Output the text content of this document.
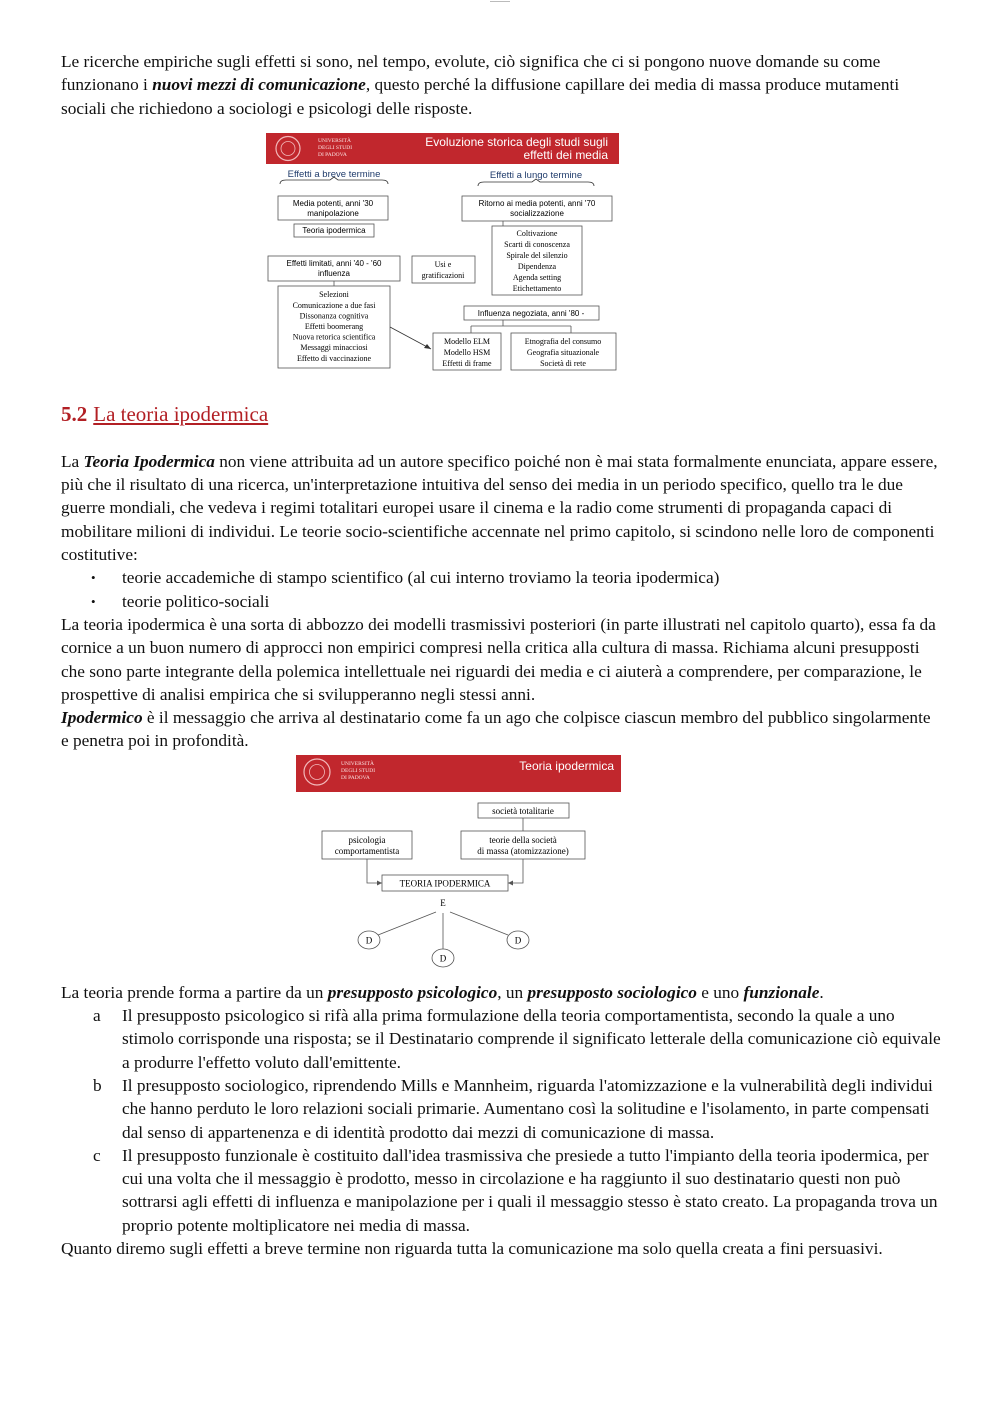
Le ricerche empiriche sugli effetti si sono, nel tempo, evolute, ciò significa che ci si pongono nuove domande su come funzionano i nuovi mezzi di comunicazione, questo perché la diffusione capillare dei media di massa produce mutamenti sociali che richiedono a sociologi e psicologi delle risposte.

UNIVERSITÀ
DEGLI STUDI
DI PADOVA
Evoluzione storica degli studi sugli
effetti dei media
Effetti a breve termine	Effetti a lungo termine
Media potenti, anni '30
manipolazione
Teoria ipodermica
Ritorno ai media potenti, anni '70
socializzazione
Coltivazione
Scarti di conoscenza
Spirale del silenzio
Dipendenza
Agenda setting
Etichettamento
Effetti limitati, anni '40 - '60
influenza
Usi e
gratificazioni
Selezioni
Comunicazione a due fasi
Dissonanza cognitiva
Effetti boomerang
Nuova retorica scientifica
Messaggi minacciosi
Effetto di vaccinazione
Influenza negoziata, anni '80 -
Modello ELM
Modello HSM
Effetti di frame
Etnografia del consumo
Geografia situazionale
Società di rete

5.2 La teoria ipodermica

La Teoria Ipodermica non viene attribuita ad un autore specifico poiché non è mai stata formalmente enunciata, appare essere, più che il risultato di una ricerca, un'interpretazione intuitiva del senso dei media in un periodo specifico, quello tra le due guerre mondiali, che vedeva i regimi totalitari europei usare il cinema e la radio come strumenti di propaganda capaci di mobilitare milioni di individui. Le teorie socio-scientifiche accennate nel primo capitolo, si scindono nelle loro de componenti costitutive:

• teorie accademiche di stampo scientifico (al cui interno troviamo la teoria ipodermica)
• teorie politico-sociali

La teoria ipodermica è una sorta di abbozzo dei modelli trasmissivi posteriori (in parte illustrati nel capitolo quarto), essa fa da cornice a un buon numero di approcci non empirici compresi nella critica alla cultura di massa. Richiama alcuni presupposti che sono parte integrante della polemica intellettuale nei riguardi dei media e ci aiuterà a comprendere, per comparazione, le prospettive di analisi empirica che si svilupperanno negli stessi anni.

Ipodermico è il messaggio che arriva al destinatario come fa un ago che colpisce ciascun membro del pubblico singolarmente e penetra poi in profondità.

UNIVERSITÀ
DEGLI STUDI
DI PADOVA
Teoria ipodermica
società totalitarie
psicologia
comportamentista
teorie della società
di massa (atomizzazione)
TEORIA IPODERMICA
E
D
D
D

La teoria prende forma a partire da un presupposto psicologico, un presupposto sociologico e uno funzionale.

a Il presupposto psicologico si rifà alla prima formulazione della teoria comportamentista, secondo la quale a uno stimolo corrisponde una risposta; se il Destinatario comprende il significato letterale della comunicazione ciò equivale a produrre l'effetto voluto dall'emittente.
b Il presupposto sociologico, riprendendo Mills e Mannheim, riguarda l'atomizzazione e la vulnerabilità degli individui che hanno perduto le loro relazioni sociali primarie. Aumentano così la solitudine e l'isolamento, in parte compensati dal senso di appartenenza e di identità prodotto dai mezzi di comunicazione di massa.
c Il presupposto funzionale è costituito dall'idea trasmissiva che presiede a tutto l'impianto della teoria ipodermica, per cui una volta che il messaggio è prodotto, messo in circolazione e ha raggiunto il suo destinatario questi non può sottrarsi agli effetti di influenza e manipolazione per i quali il messaggio stesso è stato creato. La propaganda trova un proprio potente moltiplicatore nei media di massa.

Quanto diremo sugli effetti a breve termine non riguarda tutta la comunicazione ma solo quella creata a fini persuasivi.
